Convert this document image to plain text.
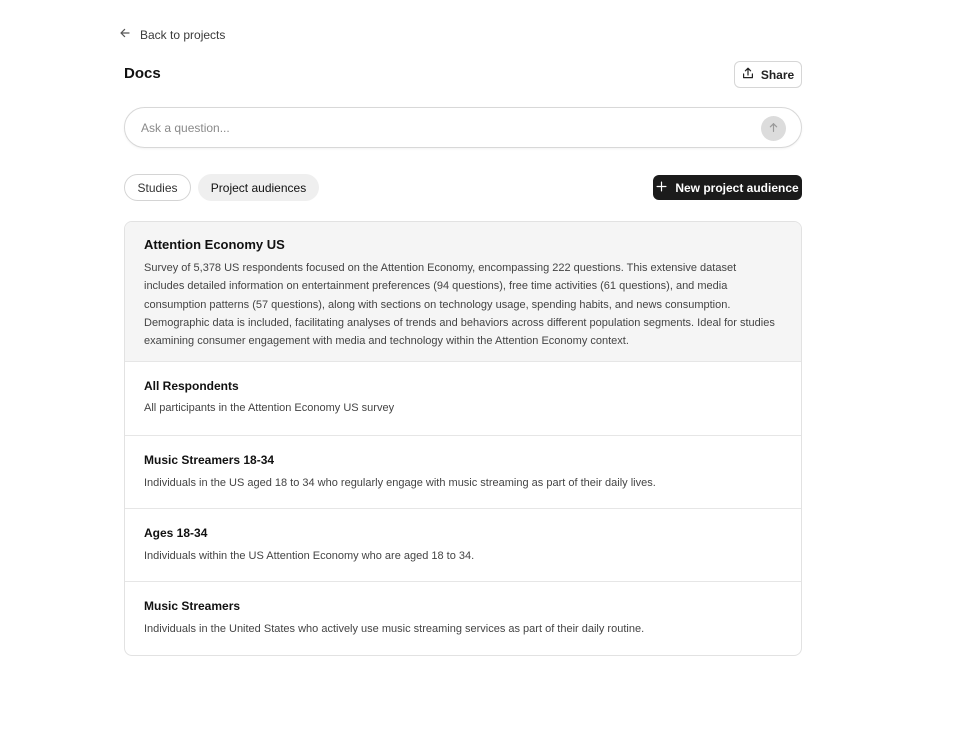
Back to projects
Docs	Share
Ask a question...
Studies	Project audiences	New project audience
Attention Economy US
Survey of 5,378 US respondents focused on the Attention Economy, encompassing 222 questions. This extensive dataset includes detailed information on entertainment preferences (94 questions), free time activities (61 questions), and media consumption patterns (57 questions), along with sections on technology usage, spending habits, and news consumption. Demographic data is included, facilitating analyses of trends and behaviors across different population segments. Ideal for studies examining consumer engagement with media and technology within the Attention Economy context.
All Respondents
All participants in the Attention Economy US survey
Music Streamers 18-34
Individuals in the US aged 18 to 34 who regularly engage with music streaming as part of their daily lives.
Ages 18-34
Individuals within the US Attention Economy who are aged 18 to 34.
Music Streamers
Individuals in the United States who actively use music streaming services as part of their daily routine.
